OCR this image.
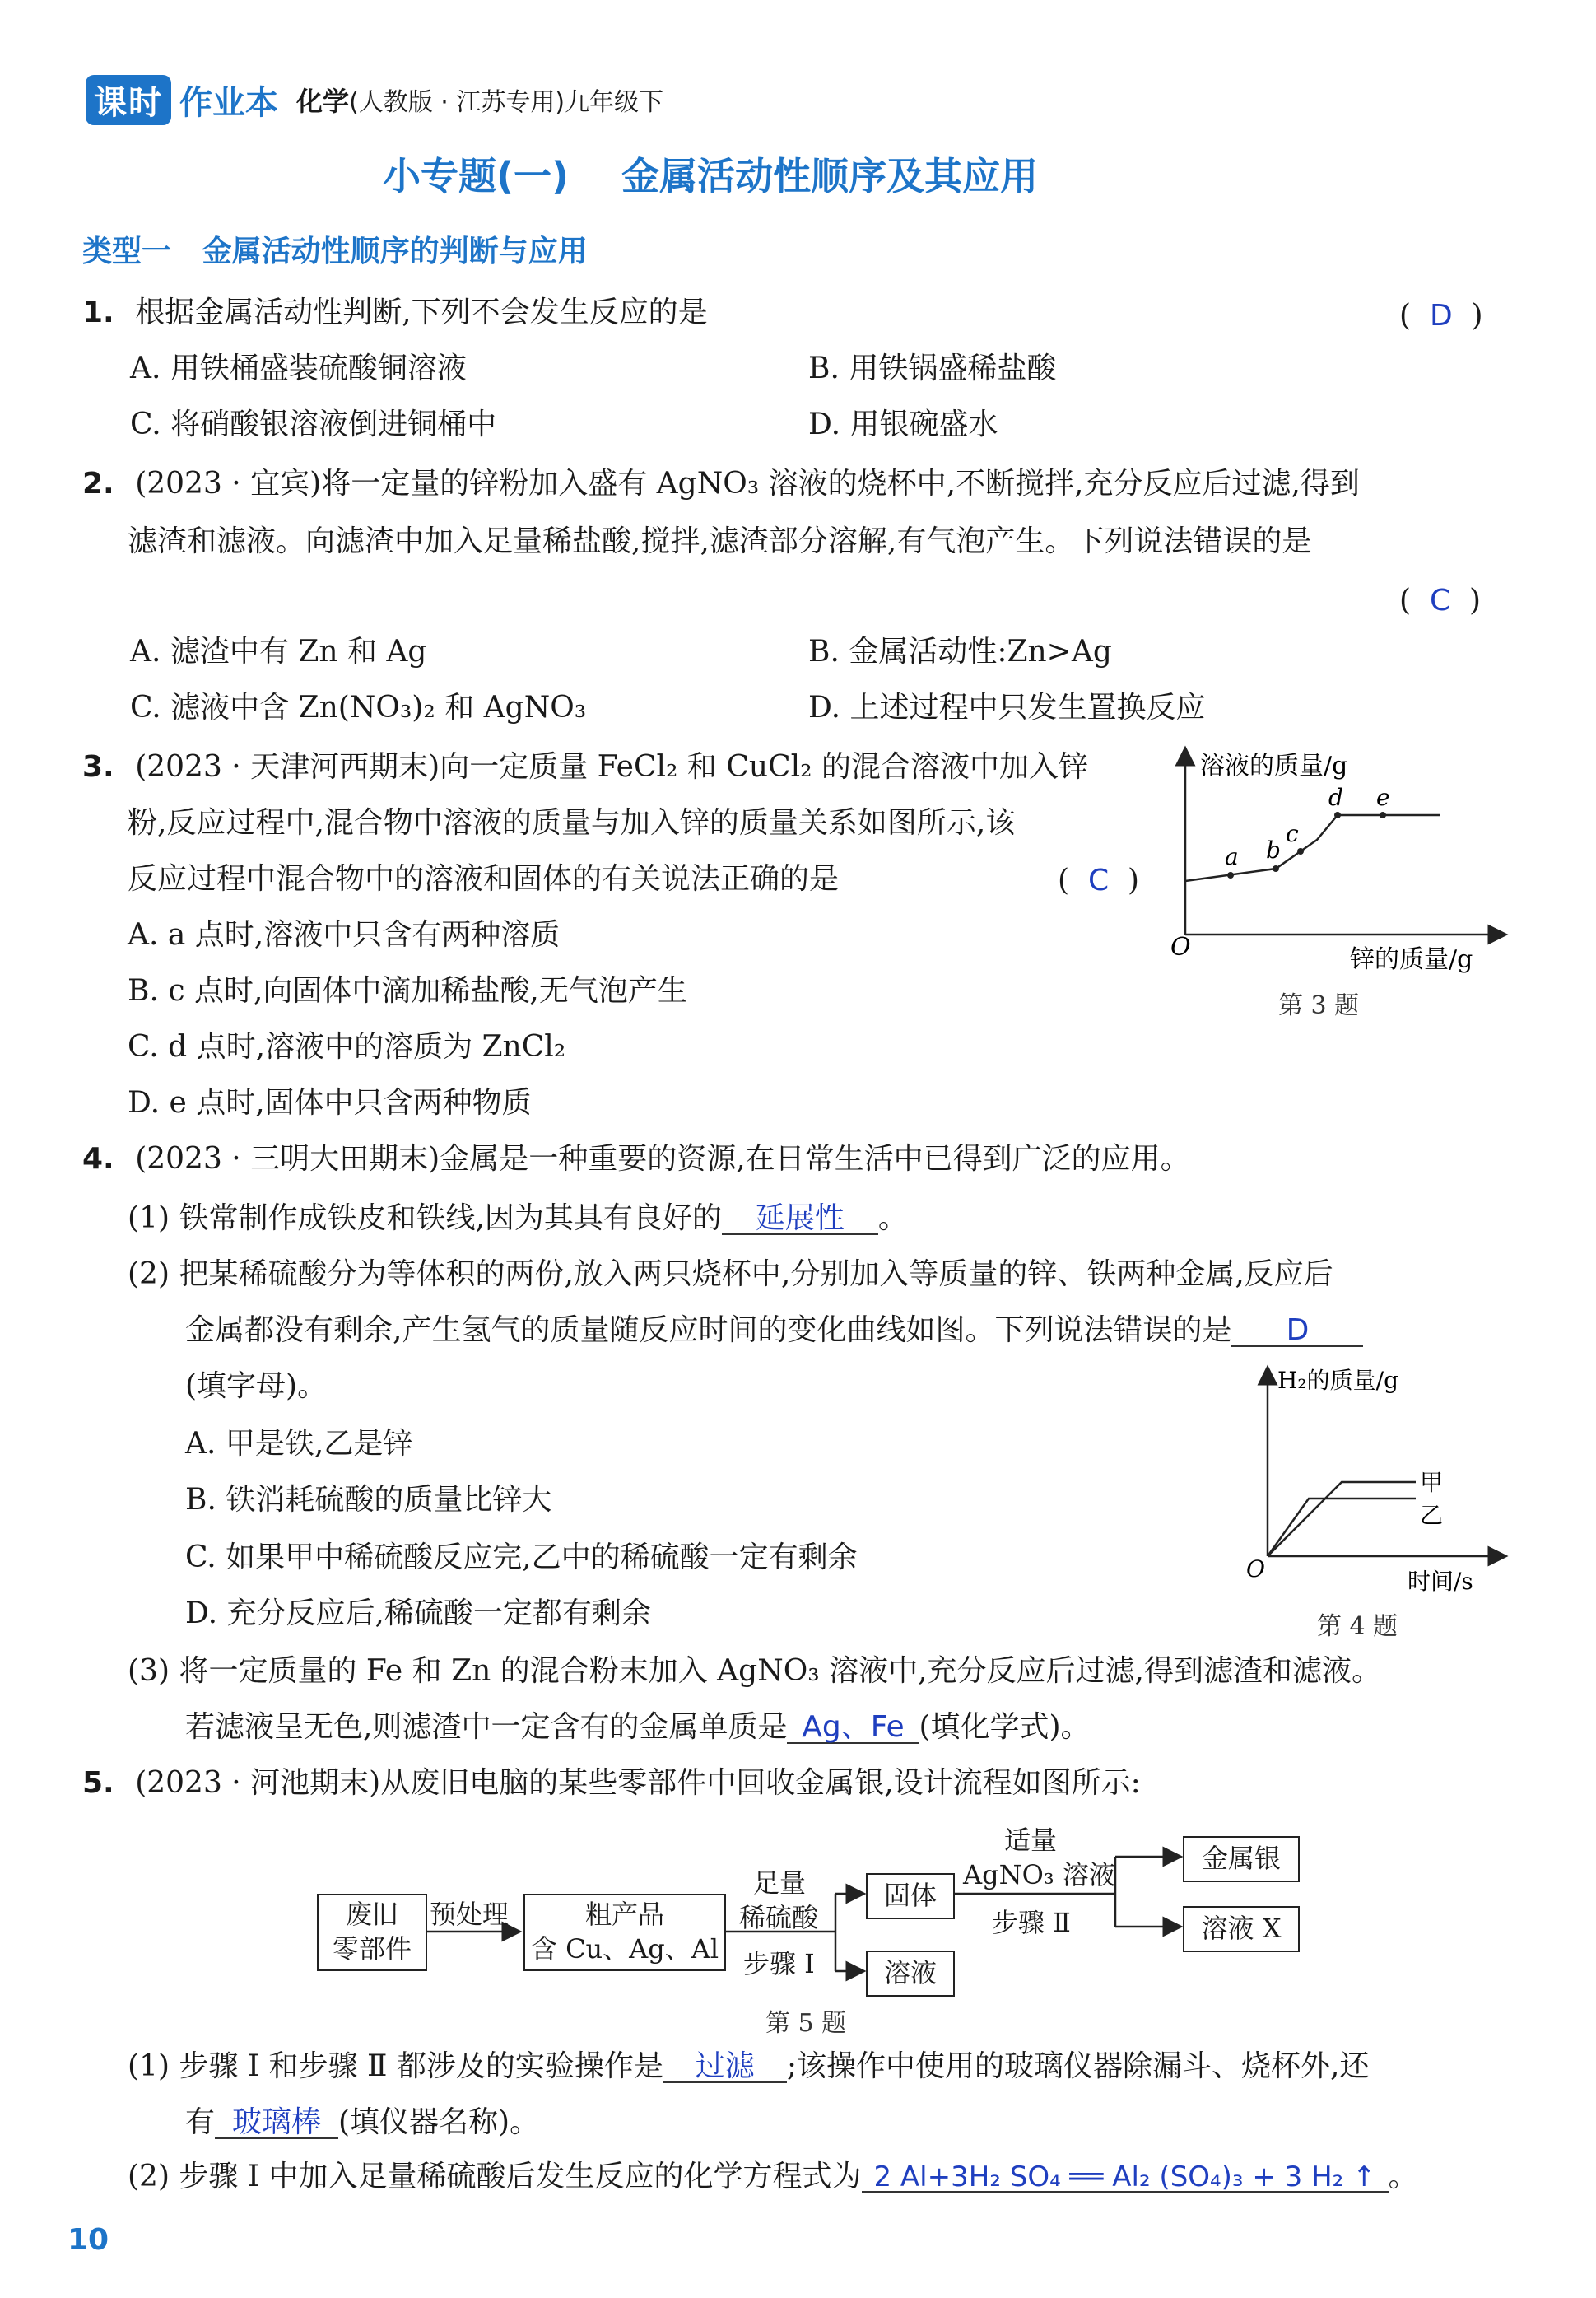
课时 作业本 化学 (人教版 · 江苏专用)九年级下
小专题(一)    金属活动性顺序及其应用
类型一   金属活动性顺序的判断与应用
1. 根据金属活动性判断,下列不会发生反应的是	(  D  )
A. 用铁桶盛装硫酸铜溶液	B. 用铁锅盛稀盐酸
C. 将硝酸银溶液倒进铜桶中	D. 用银碗盛水
2. (2023 · 宜宾)将一定量的锌粉加入盛有 AgNO₃ 溶液的烧杯中,不断搅拌,充分反应后过滤,得到
滤渣和滤液。向滤渣中加入足量稀盐酸,搅拌,滤渣部分溶解,有气泡产生。下列说法错误的是
(  C  )
A. 滤渣中有 Zn 和 Ag	B. 金属活动性:Zn>Ag
C. 滤液中含 Zn(NO₃)₂ 和 AgNO₃	D. 上述过程中只发生置换反应
3. (2023 · 天津河西期末)向一定质量 FeCl₂ 和 CuCl₂ 的混合溶液中加入锌
粉,反应过程中,混合物中溶液的质量与加入锌的质量关系如图所示,该
反应过程中混合物中的溶液和固体的有关说法正确的是	(  C  )
A. a 点时,溶液中只含有两种溶质
B. c 点时,向固体中滴加稀盐酸,无气泡产生
C. d 点时,溶液中的溶质为 ZnCl₂
D. e 点时,固体中只含两种物质
溶液的质量/g
锌的质量/g
O
a b
c
d e
第 3 题
4. (2023 · 三明大田期末)金属是一种重要的资源,在日常生活中已得到广泛的应用。
(1) 铁常制作成铁皮和铁线,因为其具有良好的 延展性 。
(2) 把某稀硫酸分为等体积的两份,放入两只烧杯中,分别加入等质量的锌、铁两种金属,反应后
金属都没有剩余,产生氢气的质量随反应时间的变化曲线如图。下列说法错误的是 D
(填字母)。
A. 甲是铁,乙是锌
B. 铁消耗硫酸的质量比锌大
C. 如果甲中稀硫酸反应完,乙中的稀硫酸一定有剩余
D. 充分反应后,稀硫酸一定都有剩余
H₂的质量/g
时间/s
O
甲
乙
第 4 题
(3) 将一定质量的 Fe 和 Zn 的混合粉末加入 AgNO₃ 溶液中,充分反应后过滤,得到滤渣和滤液。
若滤液呈无色,则滤渣中一定含有的金属单质是 Ag、Fe (填化学式)。
5. (2023 · 河池期末)从废旧电脑的某些零部件中回收金属银,设计流程如图所示:
废旧
零部件
预处理	粗产品
含 Cu、Ag、Al
足量
稀硫酸
步骤 Ⅰ
固体
溶液
适量
AgNO₃ 溶液
步骤 Ⅱ
金属银
溶液 X
第 5 题
(1) 步骤 Ⅰ 和步骤 Ⅱ 都涉及的实验操作是 过滤 ;该操作中使用的玻璃仪器除漏斗、烧杯外,还
有 玻璃棒 (填仪器名称)。
(2) 步骤 Ⅰ 中加入足量稀硫酸后发生反应的化学方程式为 2 Al+3H₂ SO₄ ══ Al₂ (SO₄)₃ + 3 H₂ ↑ 。
10
